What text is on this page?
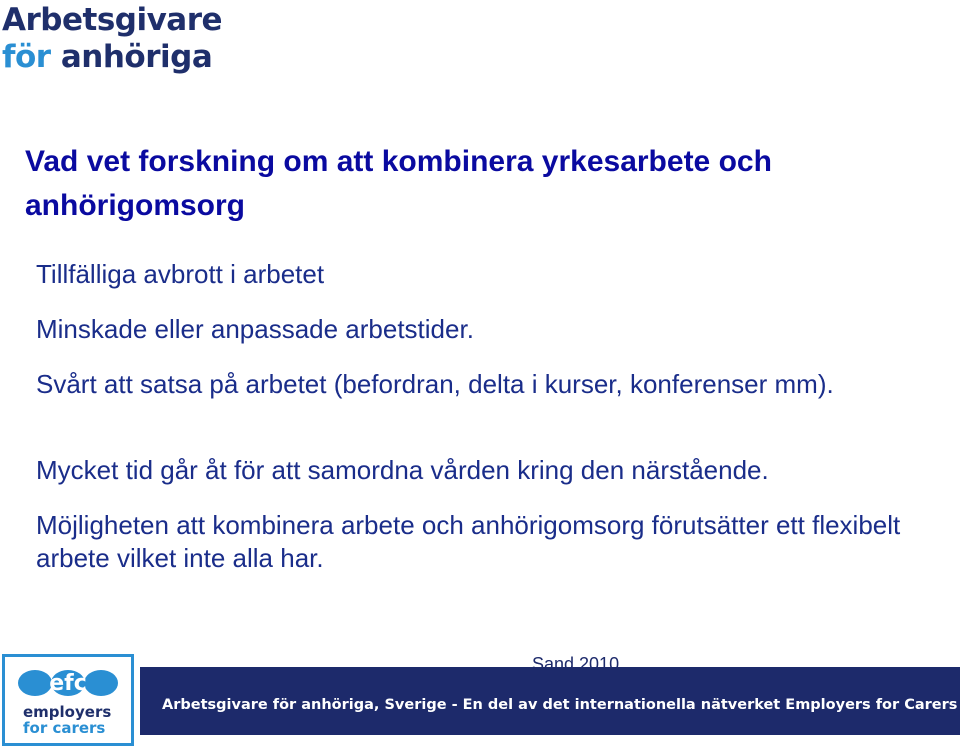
Arbetsgivare
för anhöriga
Vad vet forskning om att kombinera yrkesarbete och anhörigomsorg

Tillfälliga avbrott i arbetet

Minskade eller anpassade arbetstider.

Svårt att satsa på arbetet (befordran, delta i kurser, konferenser mm).

Mycket tid går åt för att samordna vården kring den närstående.

Möjligheten att kombinera arbete och anhörigomsorg förutsätter ett flexibelt arbete vilket inte alla har.

Arbetsgivare för anhöriga, Sverige - En del av det internationella nätverket Employers for Carers
Sand 2010
efc
employers
for carers
